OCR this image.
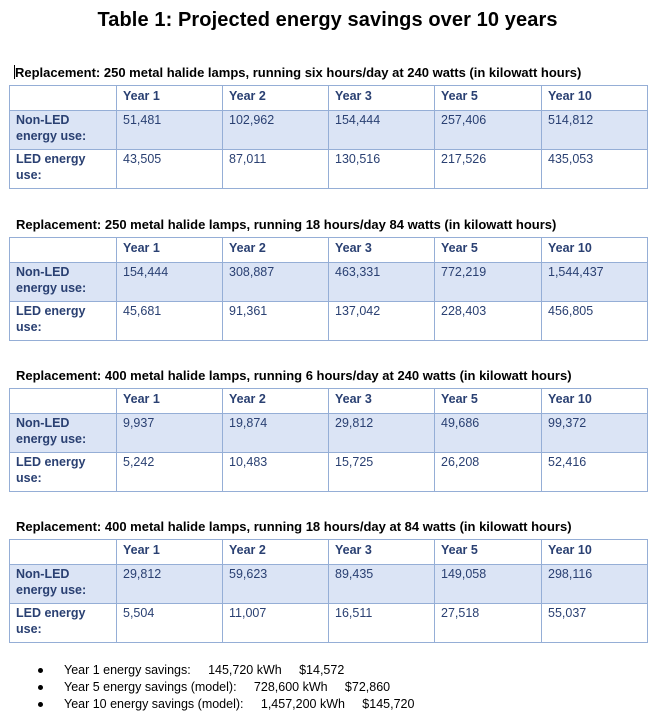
Table 1: Projected energy savings over 10 years
Replacement: 250 metal halide lamps, running six hours/day at 240 watts (in kilowatt hours)
	Year 1	Year 2	Year 3	Year 5	Year 10
Non-LED energy use:	51,481	102,962	154,444	257,406	514,812
LED energy use:	43,505	87,011	130,516	217,526	435,053
Replacement: 250 metal halide lamps, running 18 hours/day 84 watts (in kilowatt hours)
	Year 1	Year 2	Year 3	Year 5	Year 10
Non-LED energy use:	154,444	308,887	463,331	772,219	1,544,437
LED energy use:	45,681	91,361	137,042	228,403	456,805
Replacement: 400 metal halide lamps, running 6 hours/day at 240 watts (in kilowatt hours)
	Year 1	Year 2	Year 3	Year 5	Year 10
Non-LED energy use:	9,937	19,874	29,812	49,686	99,372
LED energy use:	5,242	10,483	15,725	26,208	52,416
Replacement: 400 metal halide lamps, running 18 hours/day at 84 watts (in kilowatt hours)
	Year 1	Year 2	Year 3	Year 5	Year 10
Non-LED energy use:	29,812	59,623	89,435	149,058	298,116
LED energy use:	5,504	11,007	16,511	27,518	55,037
Year 1 energy savings:     145,720 kWh     $14,572
Year 5 energy savings (model):     728,600 kWh     $72,860
Year 10 energy savings (model):     1,457,200 kWh     $145,720
